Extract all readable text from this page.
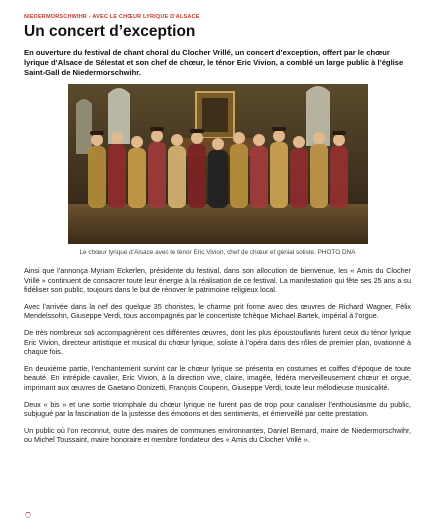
NIEDERMORSCHWIHR - AVEC LE CHŒUR LYRIQUE D'ALSACE
Un concert d’exception

En ouverture du festival de chant choral du Clocher Vrillé, un concert d’exception, offert par le chœur lyrique d’Alsace de Sélestat et son chef de chœur, le ténor Eric Vivion, a comblé un large public à l’église Saint-Gall de Niedermorschwihr.

Le chœur lyrique d’Alsace avec le ténor Eric Vivion, chef de chœur et génial soliste. PHOTO DNA

Ainsi que l’annonça Myriam Eckerlen, présidente du festival, dans son allocution de bienvenue, les « Amis du Clocher Vrillé » continuent de consacrer toute leur énergie à la réalisation de ce festival. La manifestation qui fête ses 25 ans a su fidéliser son public, toujours dans le but de rénover le patrimoine religieux local.

Avec l’arrivée dans la nef des quelque 35 choristes, le charme prit forme avec des œuvres de Richard Wagner, Félix Mendelssohn, Giuseppe Verdi, tous accompagnés par le concertiste tchèque Michael Bartek, impérial à l’orgue.

De très nombreux soli accompagnèrent ces différentes œuvres, dont les plus époustouflants furent ceux du ténor lyrique Eric Vivion, directeur artistique et musical du chœur lyrique, soliste à l’opéra dans des rôles de premier plan, ovationné à chaque fois.

En deuxième partie, l’enchantement survint car le chœur lyrique se présenta en costumes et coiffes d’époque de toute beauté. En intrépide cavalier, Eric Vivion, à la direction vive, claire, imagée, fédéra merveilleusement chœur et orgue, imprimant aux œuvres de Gaetano Donizetti, François Couperin, Giuseppe Verdi, toute leur mélodieuse musicalité.

Deux « bis » et une sortie triomphale du chœur lyrique ne furent pas de trop pour canaliser l’enthousiasme du public, subjugué par la fascination de la justesse des émotions et des sentiments, et émerveillé par cette prestation.

Un public où l’on reconnut, outre des maires de communes environnantes, Daniel Bernard, maire de Niedermorschwihr, ou Michel Toussaint, maire honoraire et membre fondateur des « Amis du Clocher Vrillé ».
